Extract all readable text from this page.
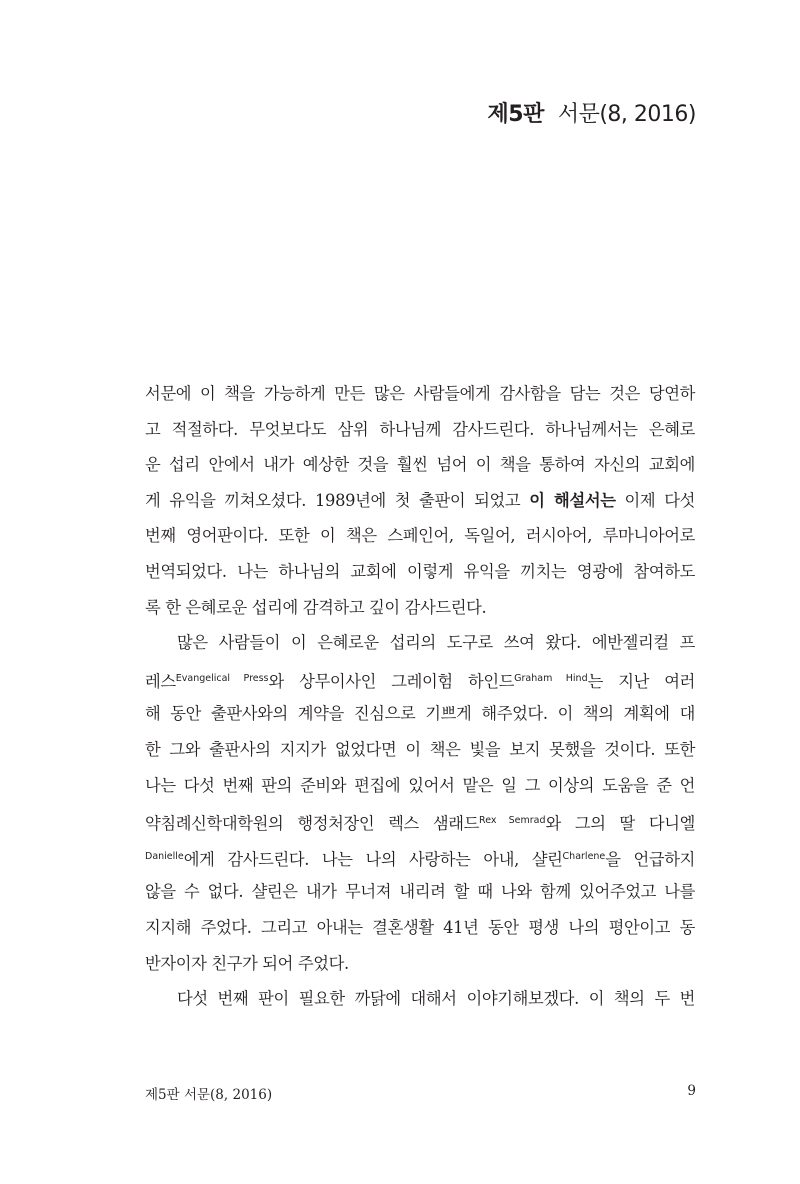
제5판 서문(8, 2016)
서문에 이 책을 가능하게 만든 많은 사람들에게 감사함을 담는 것은 당연하
고 적절하다. 무엇보다도 삼위 하나님께 감사드린다. 하나님께서는 은혜로
운 섭리 안에서 내가 예상한 것을 훨씬 넘어 이 책을 통하여 자신의 교회에
게 유익을 끼쳐오셨다. 1989년에 첫 출판이 되었고 이 해설서는 이제 다섯
번째 영어판이다. 또한 이 책은 스페인어, 독일어, 러시아어, 루마니아어로
번역되었다. 나는 하나님의 교회에 이렇게 유익을 끼치는 영광에 참여하도
록 한 은혜로운 섭리에 감격하고 깊이 감사드린다.
많은 사람들이 이 은혜로운 섭리의 도구로 쓰여 왔다. 에반젤리컬 프
레스$^{Evangelical Press}$와 상무이사인 그레이험 하인드$^{Graham Hind}$는 지난 여러
해 동안 출판사와의 계약을 진심으로 기쁘게 해주었다. 이 책의 계획에 대
한 그와 출판사의 지지가 없었다면 이 책은 빛을 보지 못했을 것이다. 또한
나는 다섯 번째 판의 준비와 편집에 있어서 맡은 일 그 이상의 도움을 준 언
약침례신학대학원의 행정처장인 렉스 샘래드$^{Rex Semrad}$와 그의 딸 다니엘
$^{Danielle}$에게 감사드린다. 나는 나의 사랑하는 아내, 샬린$^{Charlene}$을 언급하지
않을 수 없다. 샬린은 내가 무너져 내리려 할 때 나와 함께 있어주었고 나를
지지해 주었다. 그리고 아내는 결혼생활 41년 동안 평생 나의 평안이고 동
반자이자 친구가 되어 주었다.
다섯 번째 판이 필요한 까닭에 대해서 이야기해보겠다. 이 책의 두 번
제5판 서문(8, 2016)	9
